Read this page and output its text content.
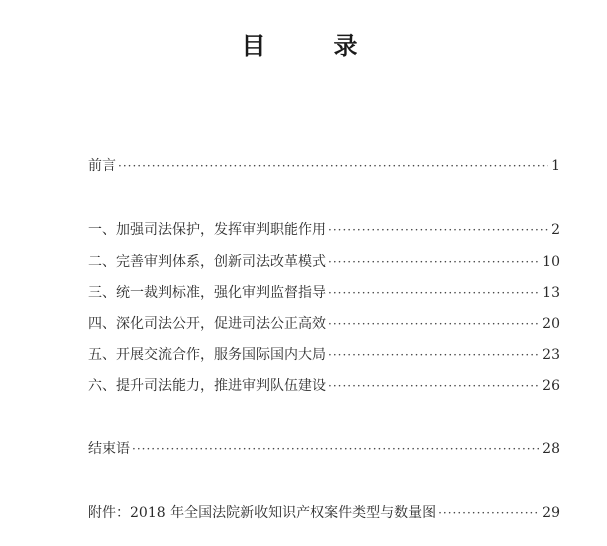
目　录
前言 ·····	1
一、加强司法保护，发挥审判职能作用 ·····	2
二、完善审判体系，创新司法改革模式 ·····	10
三、统一裁判标准，强化审判监督指导 ·····	13
四、深化司法公开，促进司法公正高效 ·····	20
五、开展交流合作，服务国际国内大局 ·····	23
六、提升司法能力，推进审判队伍建设 ·····	26
结束语 ·····	28
附件：2018 年全国法院新收知识产权案件类型与数量图 ·····	29
